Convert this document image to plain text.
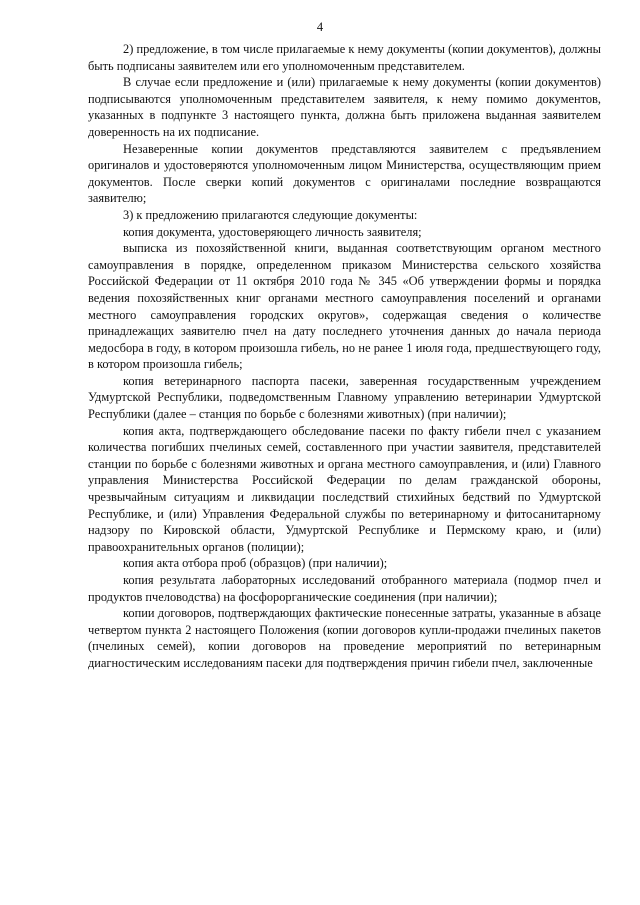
4

2) предложение, в том числе прилагаемые к нему документы (копии документов), должны быть подписаны заявителем или его уполномоченным представителем.

В случае если предложение и (или) прилагаемые к нему документы (копии документов) подписываются уполномоченным представителем заявителя, к нему помимо документов, указанных в подпункте 3 настоящего пункта, должна быть приложена выданная заявителем доверенность на их подписание.

Незаверенные копии документов представляются заявителем с предъявлением оригиналов и удостоверяются уполномоченным лицом Министерства, осуществляющим прием документов. После сверки копий документов с оригиналами последние возвращаются заявителю;

3) к предложению прилагаются следующие документы:

копия документа, удостоверяющего личность заявителя;

выписка из похозяйственной книги, выданная соответствующим органом местного самоуправления в порядке, определенном приказом Министерства сельского хозяйства Российской Федерации от 11 октября 2010 года № 345 «Об утверждении формы и порядка ведения похозяйственных книг органами местного самоуправления поселений и органами местного самоуправления городских округов», содержащая сведения о количестве принадлежащих заявителю пчел на дату последнего уточнения данных до начала периода медосбора в году, в котором произошла гибель, но не ранее 1 июля года, предшествующего году, в котором произошла гибель;

копия ветеринарного паспорта пасеки, заверенная государственным учреждением Удмуртской Республики, подведомственным Главному управлению ветеринарии Удмуртской Республики (далее – станция по борьбе с болезнями животных) (при наличии);

копия акта, подтверждающего обследование пасеки по факту гибели пчел с указанием количества погибших пчелиных семей, составленного при участии заявителя, представителей станции по борьбе с болезнями животных и органа местного самоуправления, и (или) Главного управления Министерства Российской Федерации по делам гражданской обороны, чрезвычайным ситуациям и ликвидации последствий стихийных бедствий по Удмуртской Республике, и (или) Управления Федеральной службы по ветеринарному и фитосанитарному надзору по Кировской области, Удмуртской Республике и Пермскому краю, и (или) правоохранительных органов (полиции);

копия акта отбора проб (образцов) (при наличии);

копия результата лабораторных исследований отобранного материала (подмор пчел и продуктов пчеловодства) на фосфорорганические соединения (при наличии);

копии договоров, подтверждающих фактические понесенные затраты, указанные в абзаце четвертом пункта 2 настоящего Положения (копии договоров купли-продажи пчелиных пакетов (пчелиных семей), копии договоров на проведение мероприятий по ветеринарным диагностическим исследованиям пасеки для подтверждения причин гибели пчел, заключенные
